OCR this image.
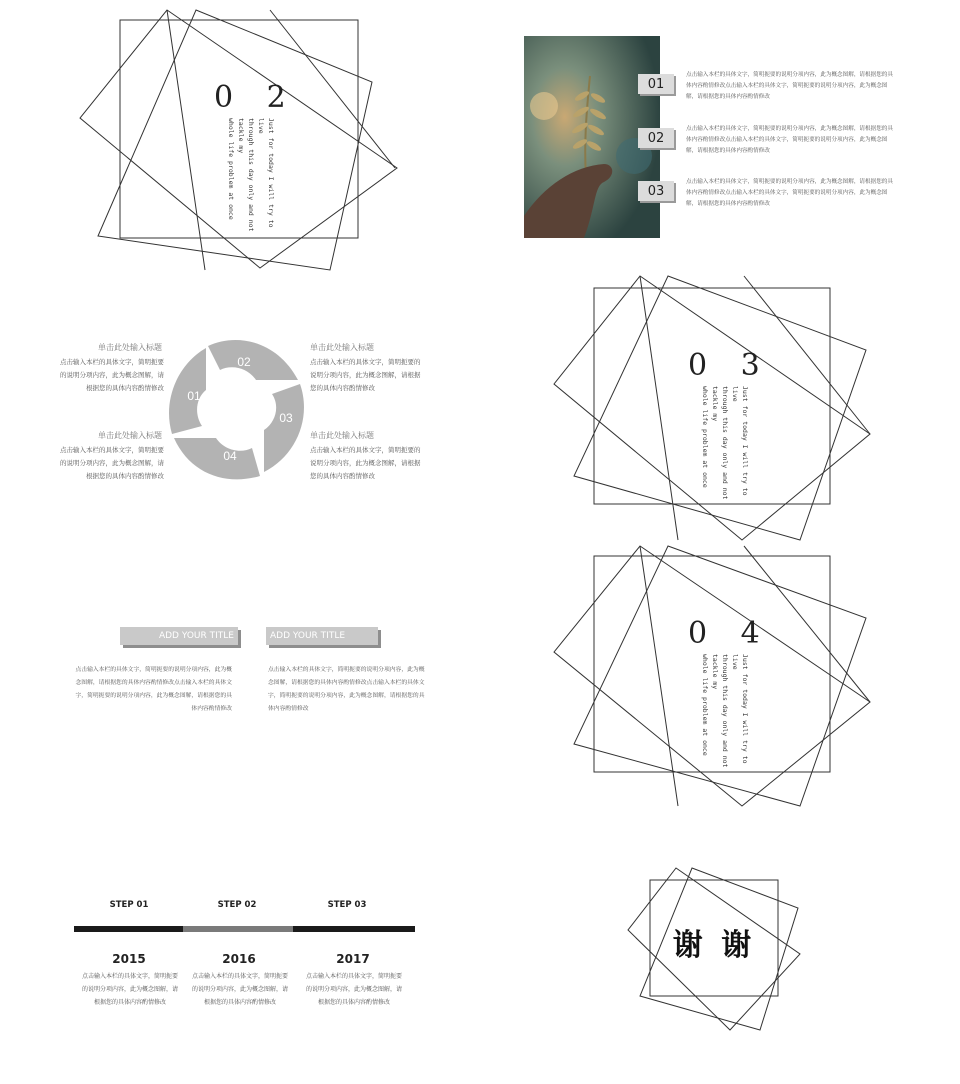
0 2
Just for today I will try to live
through this day only and not tackle my
whole life problem at once
01
点击输入本栏的具体文字，简明扼要的说明分项内容，此为概念图解，请根据您的具体内容酌情修改点击输入本栏的具体文字，简明扼要的说明分项内容，此为概念图解，请根据您的具体内容酌情修改
02
点击输入本栏的具体文字，简明扼要的说明分项内容，此为概念图解，请根据您的具体内容酌情修改点击输入本栏的具体文字，简明扼要的说明分项内容，此为概念图解，请根据您的具体内容酌情修改
03
点击输入本栏的具体文字，简明扼要的说明分项内容，此为概念图解，请根据您的具体内容酌情修改点击输入本栏的具体文字，简明扼要的说明分项内容，此为概念图解，请根据您的具体内容酌情修改
02
03
04
01
单击此处输入标题
点击输入本栏的具体文字，简明扼要的说明分项内容，此为概念图解，请根据您的具体内容酌情修改
单击此处输入标题
点击输入本栏的具体文字，简明扼要的说明分项内容，此为概念图解，请根据您的具体内容酌情修改
单击此处输入标题
点击输入本栏的具体文字，简明扼要的说明分项内容，此为概念图解，请根据您的具体内容酌情修改
单击此处输入标题
点击输入本栏的具体文字，简明扼要的说明分项内容，此为概念图解，请根据您的具体内容酌情修改
0 3
Just for today I will try to live
through this day only and not tackle my
whole life problem at once
0 4
Just for today I will try to live
through this day only and not tackle my
whole life problem at once
ADD YOUR TITLE
点击输入本栏的具体文字，简明扼要的说明分项内容，此为概念图解，请根据您的具体内容酌情修改点击输入本栏的具体文字，简明扼要的说明分项内容，此为概念图解，请根据您的具体内容酌情修改
ADD YOUR TITLE
点击输入本栏的具体文字，简明扼要的说明分项内容，此为概念图解，请根据您的具体内容酌情修改点击输入本栏的具体文字，简明扼要的说明分项内容，此为概念图解，请根据您的具体内容酌情修改
STEP 01	STEP 02	STEP 03
2015	2016	2017
点击输入本栏的具体文字，简明扼要的说明分项内容，此为概念图解，请根据您的具体内容酌情修改
点击输入本栏的具体文字，简明扼要的说明分项内容，此为概念图解，请根据您的具体内容酌情修改
点击输入本栏的具体文字，简明扼要的说明分项内容，此为概念图解，请根据您的具体内容酌情修改
谢 谢
